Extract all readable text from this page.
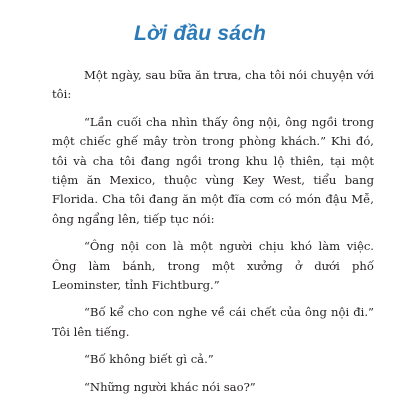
Lời đầu sách

Một ngày, sau bữa ăn trưa, cha tôi nói chuyện với tôi:

“Lần cuối cha nhìn thấy ông nội, ông ngồi trong một chiếc ghế mây tròn trong phòng khách.” Khi đó, tôi và cha tôi đang ngồi trong khu lộ thiên, tại một tiệm ăn Mexico, thuộc vùng Key West, tiểu bang Florida. Cha tôi đang ăn một đĩa cơm có món đậu Mễ, ông ngẩng lên, tiếp tục nói:

“Ông nội con là một người chịu khó làm việc. Ông làm bánh, trong một xưởng ở dưới phố Leominster, tỉnh Fichtburg.”

“Bố kể cho con nghe về cái chết của ông nội đi.” Tôi lên tiếng.

“Bố không biết gì cả.”

“Những người khác nói sao?”
